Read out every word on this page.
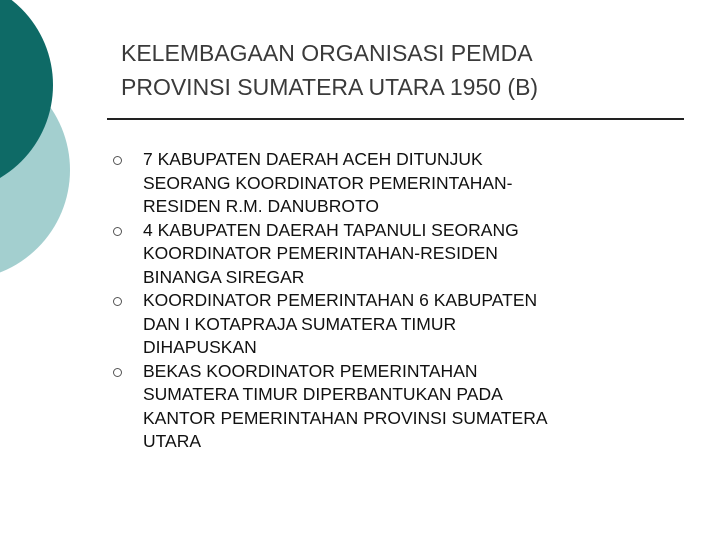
KELEMBAGAAN ORGANISASI PEMDA
PROVINSI SUMATERA UTARA 1950 (B)
7 KABUPATEN DAERAH ACEH DITUNJUK
SEORANG KOORDINATOR PEMERINTAHAN-
RESIDEN R.M. DANUBROTO
4 KABUPATEN DAERAH TAPANULI SEORANG
KOORDINATOR PEMERINTAHAN-RESIDEN
BINANGA SIREGAR
KOORDINATOR PEMERINTAHAN 6 KABUPATEN
DAN I KOTAPRAJA SUMATERA TIMUR
DIHAPUSKAN
BEKAS KOORDINATOR PEMERINTAHAN
SUMATERA TIMUR DIPERBANTUKAN PADA
KANTOR PEMERINTAHAN PROVINSI SUMATERA
UTARA
